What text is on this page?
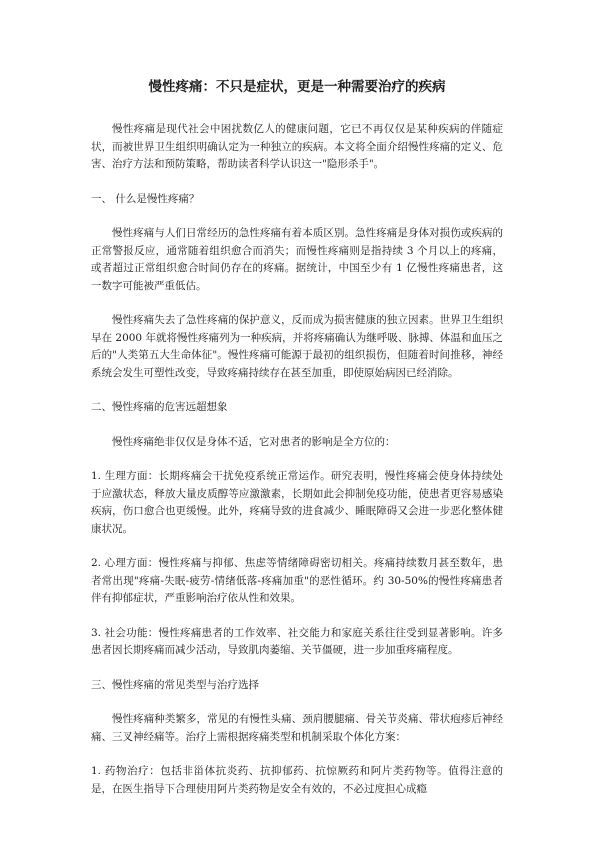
慢性疼痛：不只是症状，更是一种需要治疗的疾病

慢性疼痛是现代社会中困扰数亿人的健康问题，它已不再仅仅是某种疾病的伴随症状，而被世界卫生组织明确认定为一种独立的疾病。本文将全面介绍慢性疼痛的定义、危害、治疗方法和预防策略，帮助读者科学认识这一"隐形杀手"。

一、 什么是慢性疼痛？

慢性疼痛与人们日常经历的急性疼痛有着本质区别。急性疼痛是身体对损伤或疾病的正常警报反应，通常随着组织愈合而消失；而慢性疼痛则是指持续 3 个月以上的疼痛，或者超过正常组织愈合时间仍存在的疼痛。据统计，中国至少有 1 亿慢性疼痛患者，这一数字可能被严重低估。

慢性疼痛失去了急性疼痛的保护意义，反而成为损害健康的独立因素。世界卫生组织早在 2000 年就将慢性疼痛列为一种疾病，并将疼痛确认为继呼吸、脉搏、体温和血压之后的"人类第五大生命体征"。慢性疼痛可能源于最初的组织损伤，但随着时间推移，神经系统会发生可塑性改变，导致疼痛持续存在甚至加重，即使原始病因已经消除。

二、慢性疼痛的危害远超想象

慢性疼痛绝非仅仅是身体不适，它对患者的影响是全方位的：

1. 生理方面：长期疼痛会干扰免疫系统正常运作。研究表明，慢性疼痛会使身体持续处于应激状态，释放大量皮质醇等应激激素，长期如此会抑制免疫功能，使患者更容易感染疾病，伤口愈合也更缓慢。此外，疼痛导致的进食减少、睡眠障碍又会进一步恶化整体健康状况。

2. 心理方面：慢性疼痛与抑郁、焦虑等情绪障碍密切相关。疼痛持续数月甚至数年，患者常出现"疼痛-失眠-疲劳-情绪低落-疼痛加重"的恶性循环。约 30-50%的慢性疼痛患者伴有抑郁症状，严重影响治疗依从性和效果。

3. 社会功能：慢性疼痛患者的工作效率、社交能力和家庭关系往往受到显著影响。许多患者因长期疼痛而减少活动，导致肌肉萎缩、关节僵硬，进一步加重疼痛程度。

三、慢性疼痛的常见类型与治疗选择

慢性疼痛种类繁多，常见的有慢性头痛、颈肩腰腿痛、骨关节炎痛、带状疱疹后神经痛、三叉神经痛等。治疗上需根据疼痛类型和机制采取个体化方案：

1. 药物治疗：包括非甾体抗炎药、抗抑郁药、抗惊厥药和阿片类药物等。值得注意的是，在医生指导下合理使用阿片类药物是安全有效的，不必过度担心成瘾
